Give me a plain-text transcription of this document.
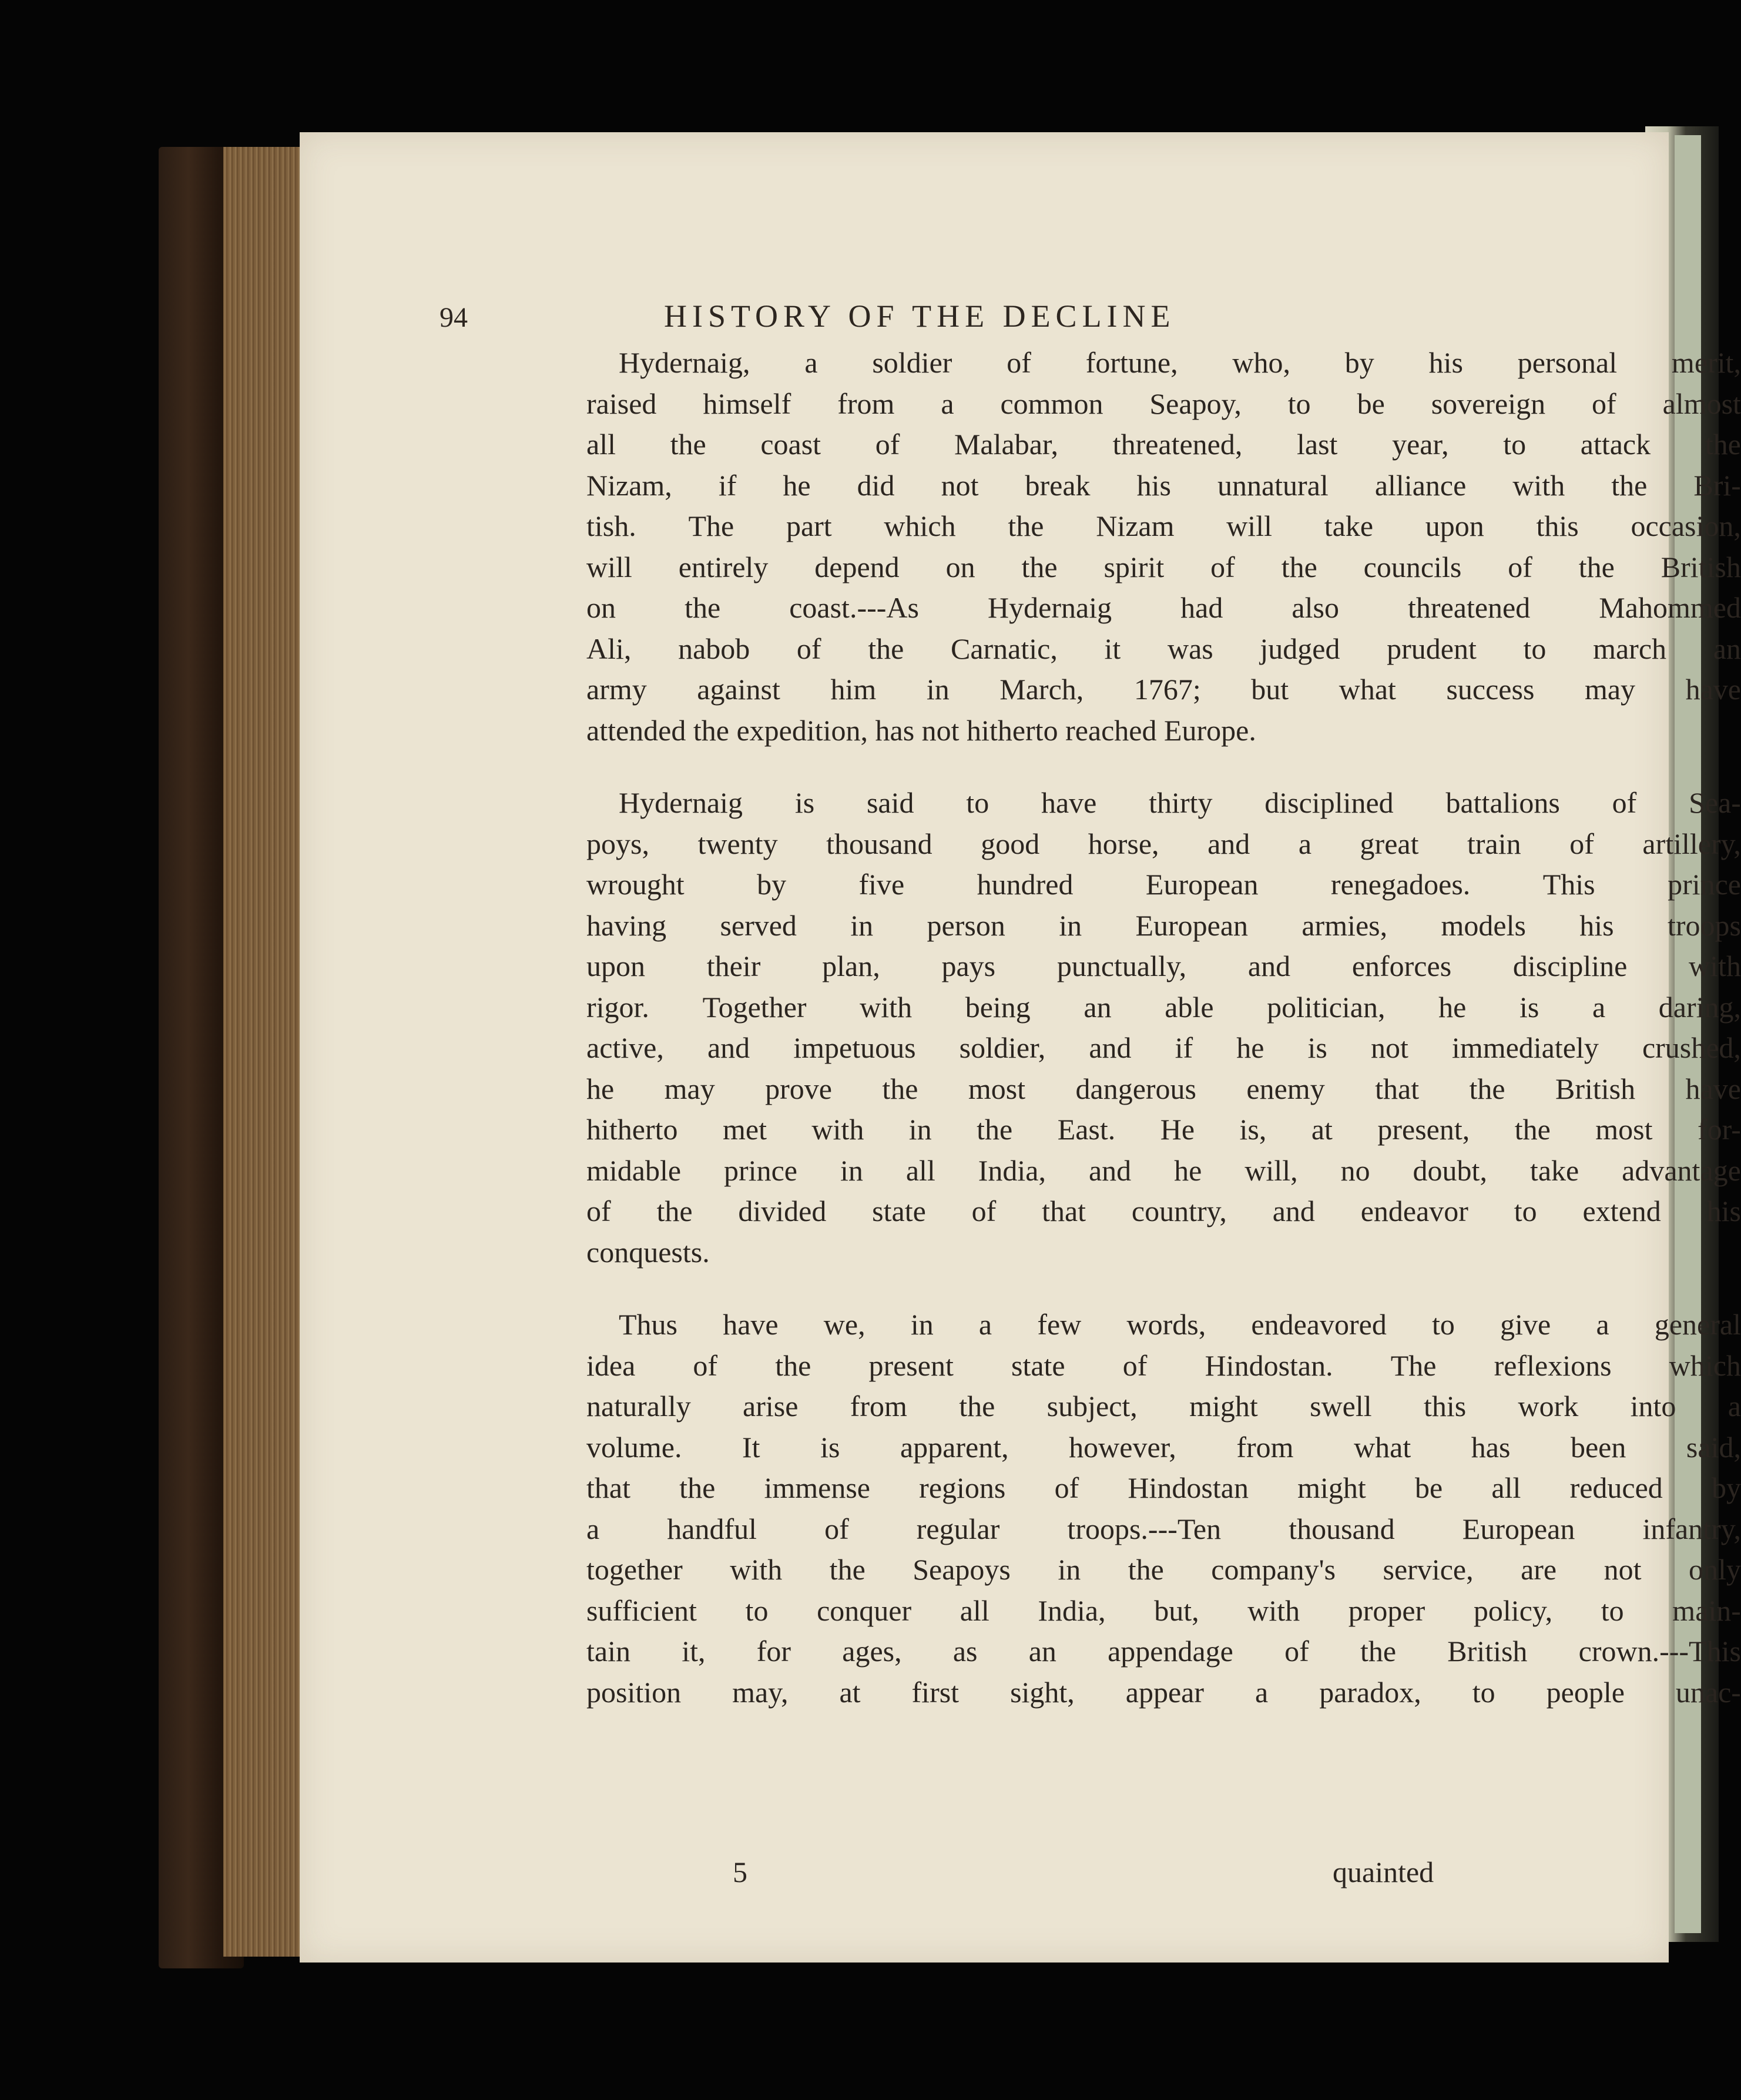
94	HISTORY OF THE DECLINE
Hydernaig, a soldier of fortune, who, by his personal merit,
raised himself from a common Seapoy, to be sovereign of almost
all the coast of Malabar, threatened, last year, to attack the
Nizam, if he did not break his unnatural alliance with the Bri-
tish. The part which the Nizam will take upon this occasion,
will entirely depend on the spirit of the councils of the British
on the coast.---As Hydernaig had also threatened Mahommed
Ali, nabob of the Carnatic, it was judged prudent to march an
army against him in March, 1767; but what success may have
attended the expedition, has not hitherto reached Europe.
Hydernaig is said to have thirty disciplined battalions of Sea-
poys, twenty thousand good horse, and a great train of artillery,
wrought by five hundred European renegadoes. This prince
having served in person in European armies, models his troops
upon their plan, pays punctually, and enforces discipline with
rigor. Together with being an able politician, he is a daring,
active, and impetuous soldier, and if he is not immediately crushed,
he may prove the most dangerous enemy that the British have
hitherto met with in the East. He is, at present, the most for-
midable prince in all India, and he will, no doubt, take advantage
of the divided state of that country, and endeavor to extend his
conquests.
Thus have we, in a few words, endeavored to give a general
idea of the present state of Hindostan. The reflexions which
naturally arise from the subject, might swell this work into a
volume. It is apparent, however, from what has been said,
that the immense regions of Hindostan might be all reduced by
a handful of regular troops.---Ten thousand European infantry,
together with the Seapoys in the company's service, are not only
sufficient to conquer all India, but, with proper policy, to main-
tain it, for ages, as an appendage of the British crown.---This
position may, at first sight, appear a paradox, to people unac-
5	quainted
